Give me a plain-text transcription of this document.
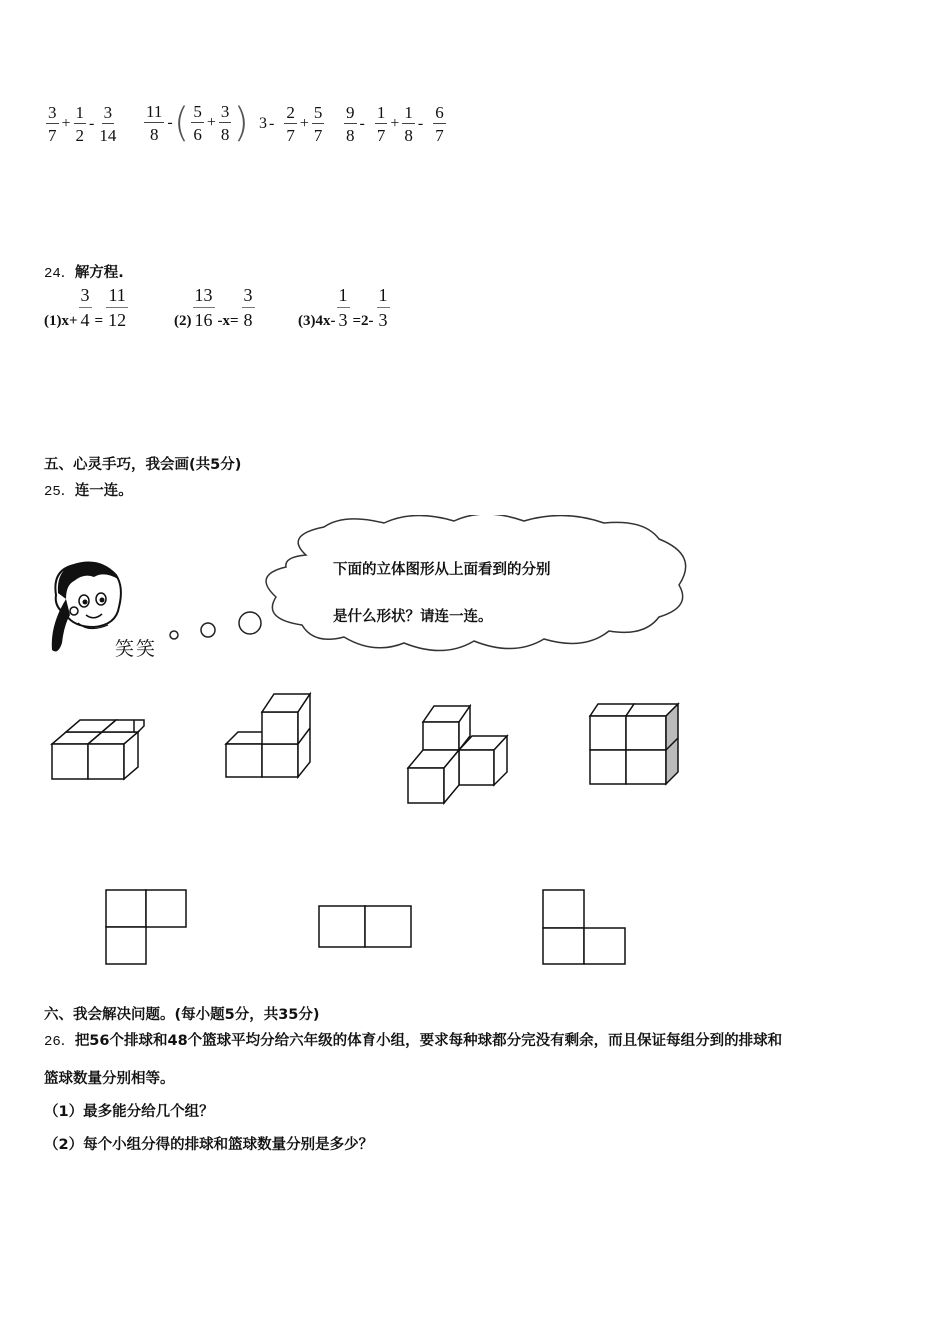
$\frac{3}{7} + \frac{1}{2} - \frac{3}{14} \frac{11}{8}$ - ( $\frac{5}{6} + \frac{3}{8}$ ) $3 - \frac{2}{7} + \frac{5}{7} \frac{9}{8} - \frac{1}{7} + \frac{1}{8} - \frac{6}{7}$
24．解方程.
$(1)x+ \frac{3}{4} = \frac{11}{12}$	$(2) \frac{13}{16} -x= \frac{3}{8}$	$(3)4x- \frac{1}{3} =2- \frac{1}{3}$
五、心灵手巧，我会画(共5分)
25．连一连。
笑笑
下面的立体图形从上面看到的分别
是什么形状？请连一连。
六、我会解决问题。(每小题5分，共35分)
26．把56个排球和48个篮球平均分给六年级的体育小组，要求每种球都分完没有剩余，而且保证每组分到的排球和
篮球数量分别相等。
（1）最多能分给几个组？
（2）每个小组分得的排球和篮球数量分别是多少？
